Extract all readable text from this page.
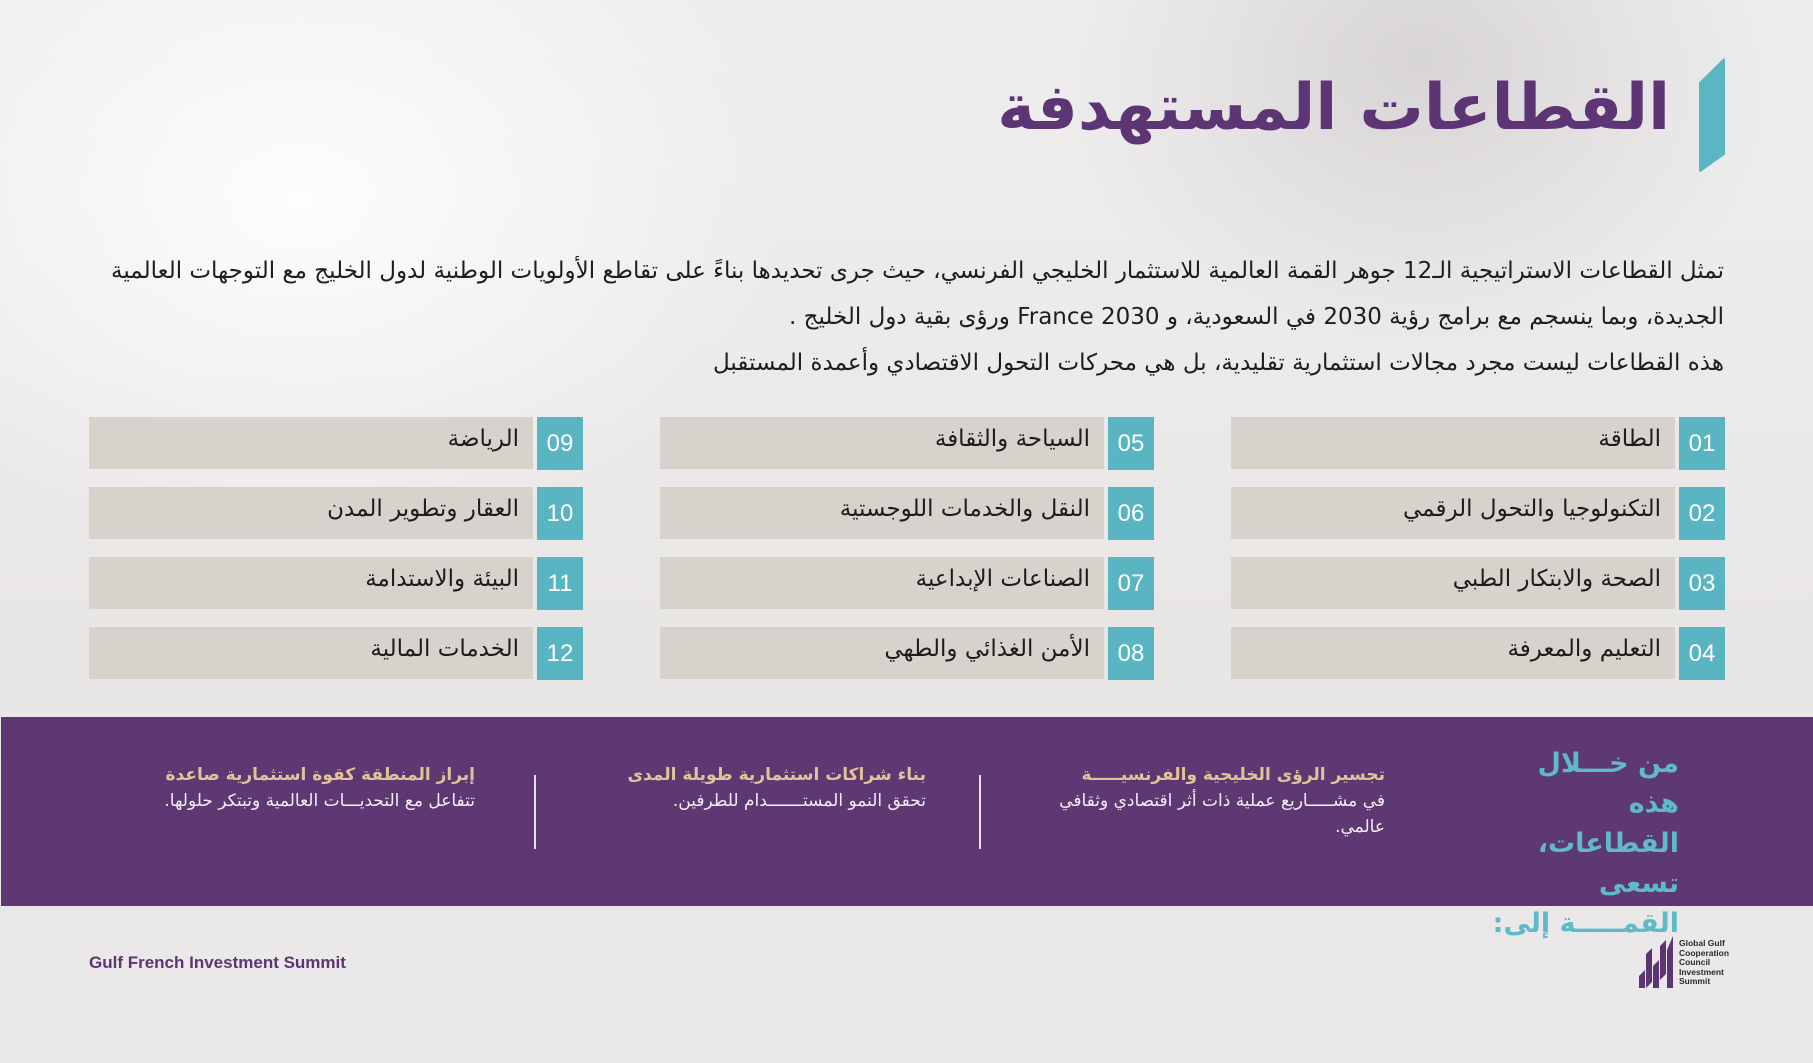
القطاعات المستهدفة

تمثل القطاعات الاستراتيجية الـ12 جوهر القمة العالمية للاستثمار الخليجي الفرنسي، حيث جرى تحديدها بناءً على تقاطع الأولويات الوطنية لدول الخليج مع التوجهات العالمية

الجديدة، وبما ينسجم مع برامج رؤية 2030 في السعودية، و France 2030 ورؤى بقية دول الخليج .

هذه القطاعات ليست مجرد مجالات استثمارية تقليدية، بل هي محركات التحول الاقتصادي وأعمدة المستقبل

01
الطاقة
02
التكنولوجيا والتحول الرقمي
03
الصحة والابتكار الطبي
04
التعليم والمعرفة
05
السياحة والثقافة
06
النقل والخدمات اللوجستية
07
الصناعات الإبداعية
08
الأمن الغذائي والطهي
09
الرياضة
10
العقار وتطوير المدن
11
البيئة والاستدامة
12
الخدمات المالية
من خـــلال هذه
القطاعات، تسعى
القمـــــة إلى:
تجسير الرؤى الخليجية والفرنسيـــــة
في مشـــــاريع عملية ذات أثر اقتصادي وثقافي
عالمي.
بناء شراكات استثمارية طويلة المدى
تحقق النمو المستـــــــدام للطرفين.
إبراز المنطقة كقوة استثمارية صاعدة
تتفاعل مع التحديـــات العالمية وتبتكر حلولها.
Gulf French Investment Summit
Global Gulf
Cooperation
Council
Investment
Summit
